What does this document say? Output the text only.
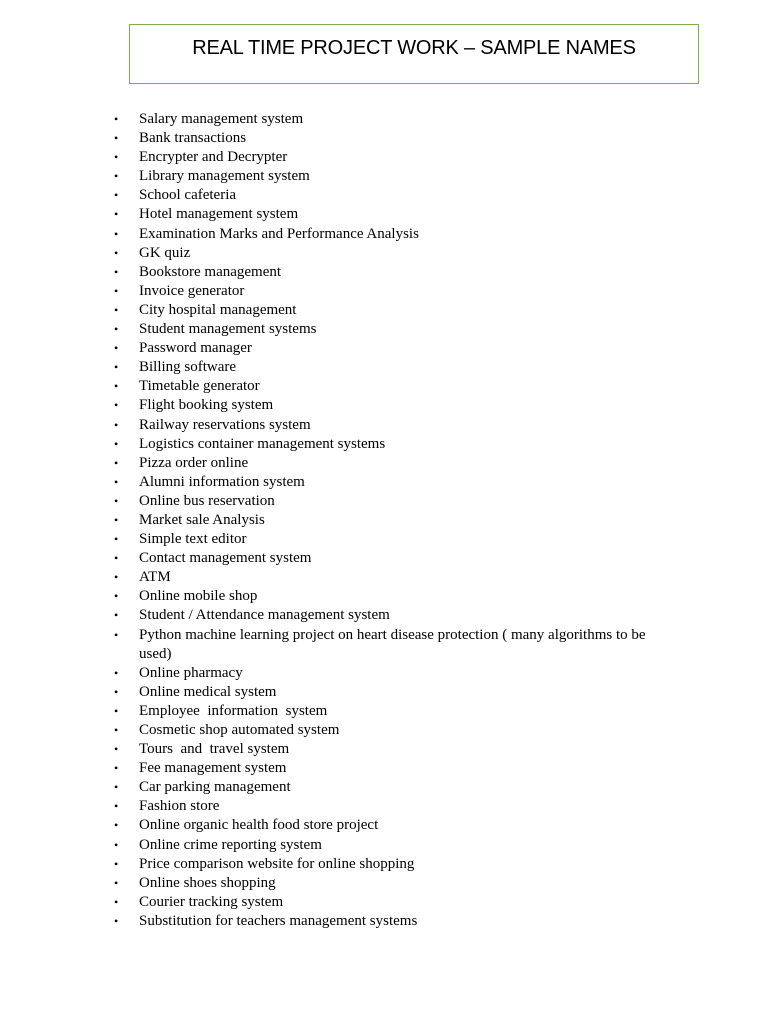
REAL TIME PROJECT WORK – SAMPLE NAMES
• Salary management system
• Bank transactions
• Encrypter and Decrypter
• Library management system
• School cafeteria
• Hotel management system
• Examination Marks and Performance Analysis
• GK quiz
• Bookstore management
• Invoice generator
• City hospital management
• Student management systems
• Password manager
• Billing software
• Timetable generator
• Flight booking system
• Railway reservations system
• Logistics container management systems
• Pizza order online
• Alumni information system
• Online bus reservation
• Market sale Analysis
• Simple text editor
• Contact management system
• ATM
• Online mobile shop
• Student / Attendance management system
• Python machine learning project on heart disease protection ( many algorithms to be used)
• Online pharmacy
• Online medical system
• Employee  information  system
• Cosmetic shop automated system
• Tours  and  travel system
• Fee management system
• Car parking management
• Fashion store
• Online organic health food store project
• Online crime reporting system
• Price comparison website for online shopping
• Online shoes shopping
• Courier tracking system
• Substitution for teachers management systems
